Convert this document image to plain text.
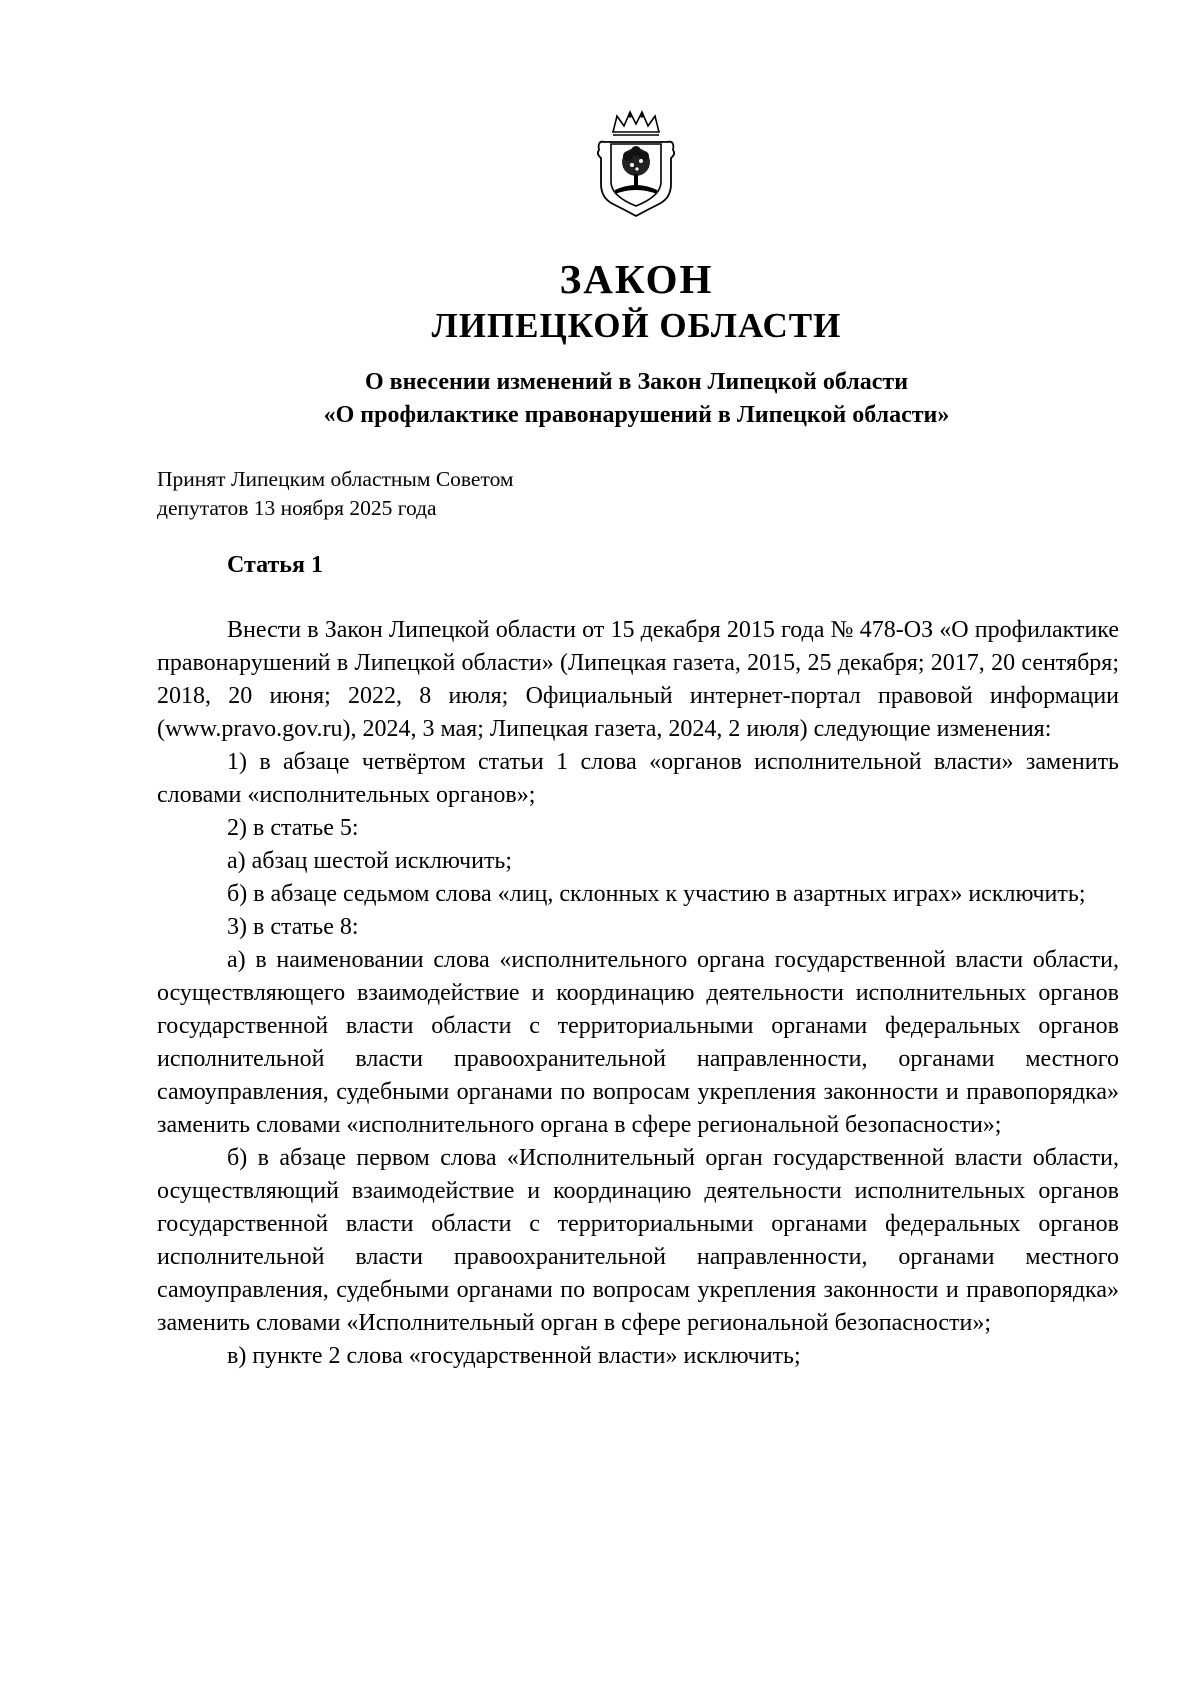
ЗАКОН
ЛИПЕЦКОЙ ОБЛАСТИ
О внесении изменений в Закон Липецкой области
«О профилактике правонарушений в Липецкой области»
Принят Липецким областным Советом
депутатов 13 ноября 2025 года
Статья 1

Внести в Закон Липецкой области от 15 декабря 2015 года № 478-ОЗ «О профилактике правонарушений в Липецкой области» (Липецкая газета, 2015, 25 декабря; 2017, 20 сентября; 2018, 20 июня; 2022, 8 июля; Официальный интернет-портал правовой информации (www.pravo.gov.ru), 2024, 3 мая; Липецкая газета, 2024, 2 июля) следующие изменения:

1) в абзаце четвёртом статьи 1 слова «органов исполнительной власти» заменить словами «исполнительных органов»;

2) в статье 5:

а) абзац шестой исключить;

б) в абзаце седьмом слова «лиц, склонных к участию в азартных играх» исключить;

3) в статье 8:

а) в наименовании слова «исполнительного органа государственной власти области, осуществляющего взаимодействие и координацию деятельности исполнительных органов государственной власти области с территориальными органами федеральных органов исполнительной власти правоохранительной направленности, органами местного самоуправления, судебными органами по вопросам укрепления законности и правопорядка» заменить словами «исполнительного органа в сфере региональной безопасности»;

б) в абзаце первом слова «Исполнительный орган государственной власти области, осуществляющий взаимодействие и координацию деятельности исполнительных органов государственной власти области с территориальными органами федеральных органов исполнительной власти правоохранительной направленности, органами местного самоуправления, судебными органами по вопросам укрепления законности и правопорядка» заменить словами «Исполнительный орган в сфере региональной безопасности»;

в) пункте 2 слова «государственной власти» исключить;
